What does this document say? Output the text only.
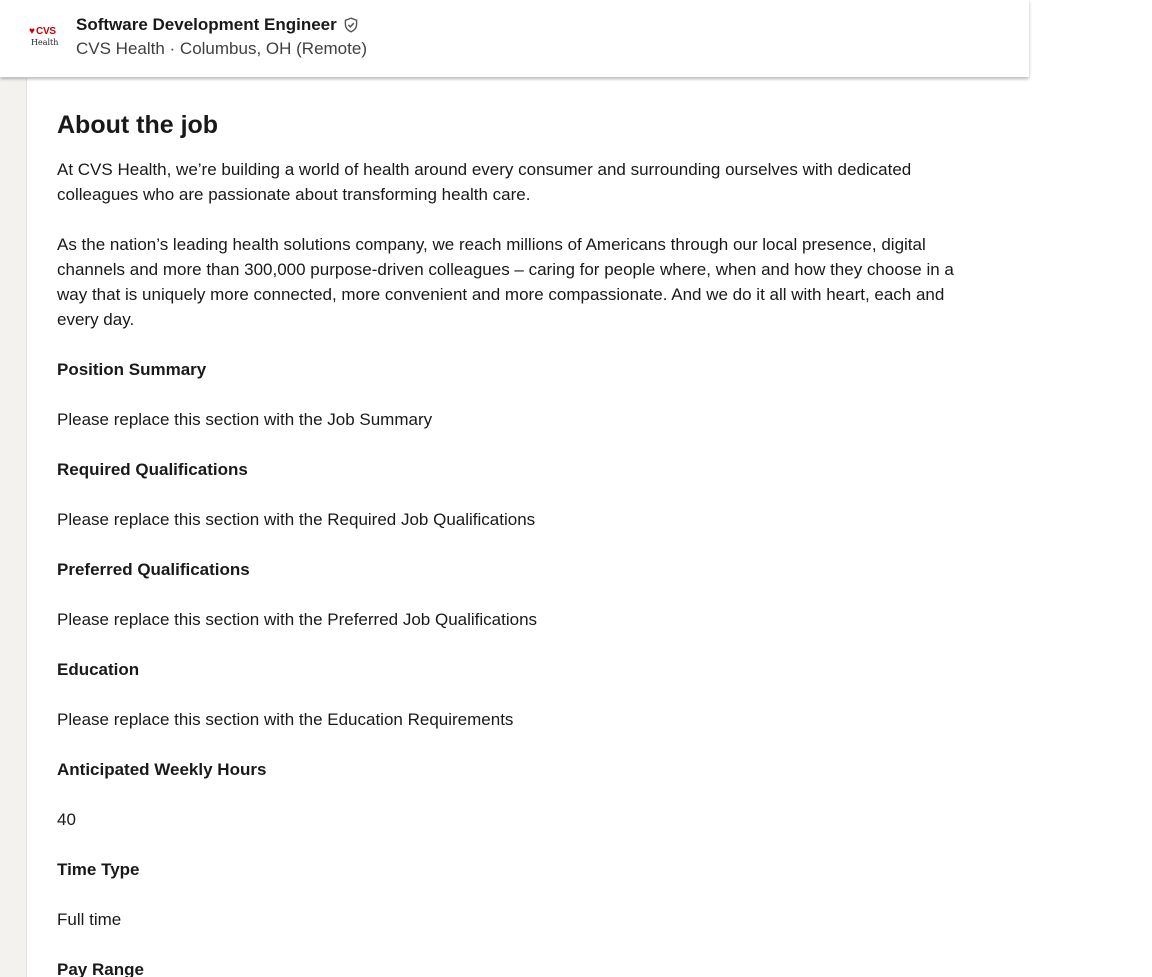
♥ CVS
Health
Software Development Engineer
CVS Health · Columbus, OH (Remote)
About the job

At CVS Health, we’re building a world of health around every consumer and surrounding ourselves with dedicated colleagues who are passionate about transforming health care.

As the nation’s leading health solutions company, we reach millions of Americans through our local presence, digital channels and more than 300,000 purpose-driven colleagues – caring for people where, when and how they choose in a way that is uniquely more connected, more convenient and more compassionate. And we do it all with heart, each and every day.

Position Summary

Please replace this section with the Job Summary

Required Qualifications

Please replace this section with the Required Job Qualifications

Preferred Qualifications

Please replace this section with the Preferred Job Qualifications

Education

Please replace this section with the Education Requirements

Anticipated Weekly Hours

40

Time Type

Full time

Pay Range
